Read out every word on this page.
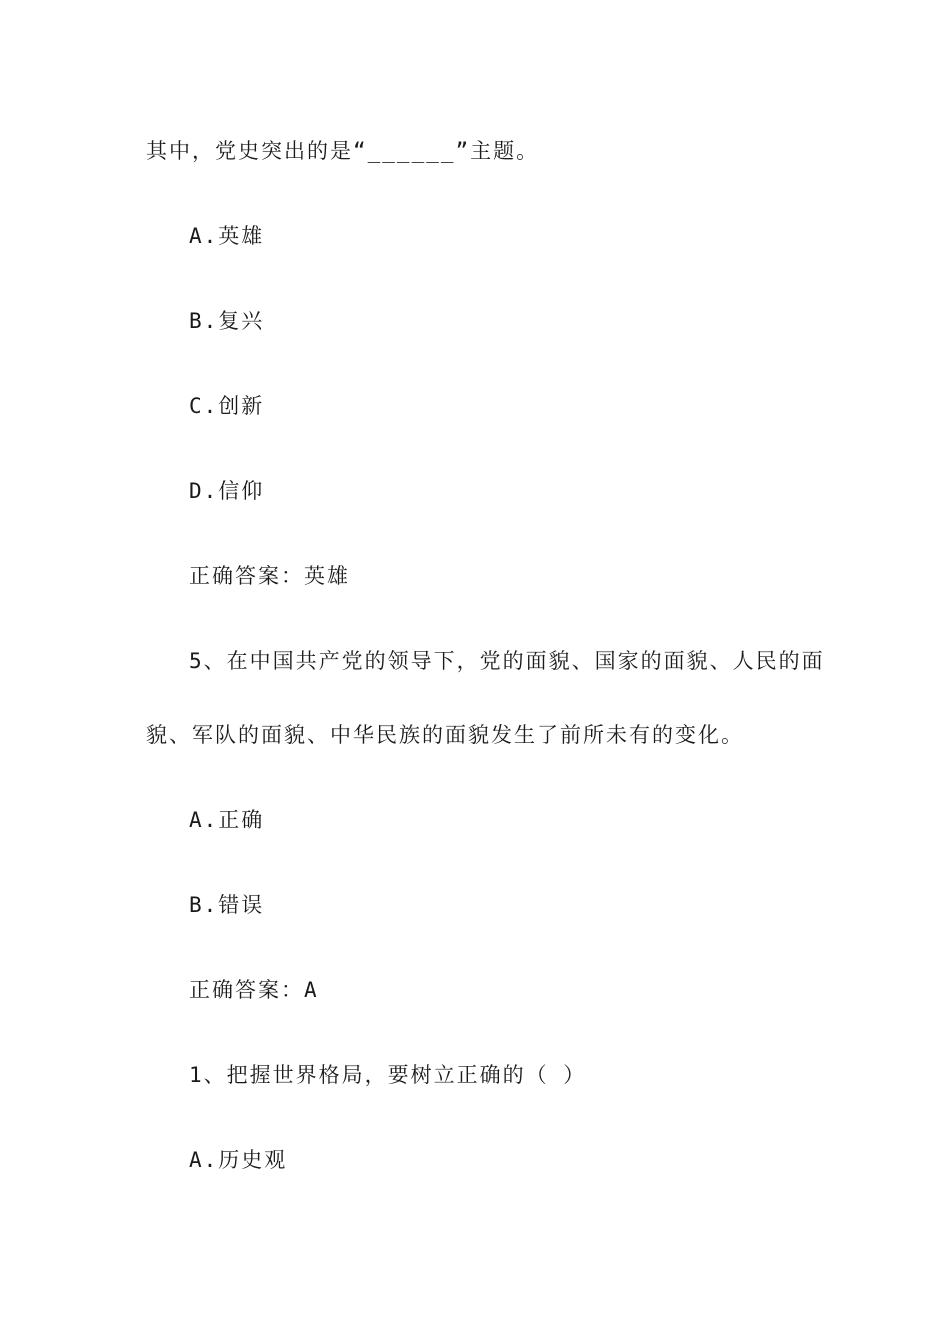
其中，党史突出的是“______”主题。
A.英雄
B.复兴
C.创新
D.信仰
正确答案：英雄
5、在中国共产党的领导下，党的面貌、国家的面貌、人民的面
貌、军队的面貌、中华民族的面貌发生了前所未有的变化。
A.正确
B.错误
正确答案：A
1、把握世界格局，要树立正确的（ ）
A.历史观
